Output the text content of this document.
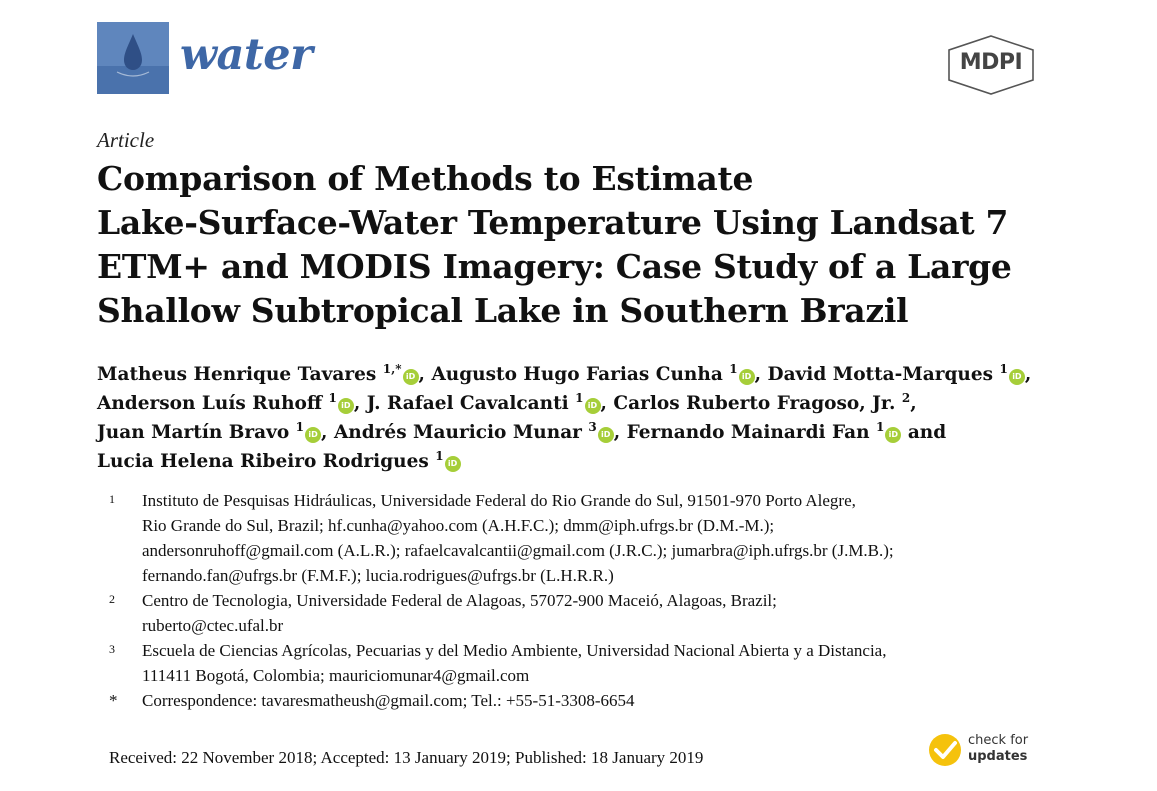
water	MDPI
Article
Comparison of Methods to Estimate
Lake-Surface-Water Temperature Using Landsat 7
ETM+ and MODIS Imagery: Case Study of a Large
Shallow Subtropical Lake in Southern Brazil
Matheus Henrique Tavares $^{1,*}$iD , Augusto Hugo Farias Cunha $^1$iD , David Motta-Marques $^1$iD ,
Anderson Luís Ruhoff $^1$iD , J. Rafael Cavalcanti $^1$iD , Carlos Ruberto Fragoso, Jr. $^2$,
Juan Martín Bravo $^1$iD , Andrés Mauricio Munar $^3$iD , Fernando Mainardi Fan $^1$iD and
Lucia Helena Ribeiro Rodrigues $^1$iD
1	Instituto de Pesquisas Hidráulicas, Universidade Federal do Rio Grande do Sul, 91501-970 Porto Alegre,
Rio Grande do Sul, Brazil; hf.cunha@yahoo.com (A.H.F.C.); dmm@iph.ufrgs.br (D.M.-M.);
andersonruhoff@gmail.com (A.L.R.); rafaelcavalcantii@gmail.com (J.R.C.); jumarbra@iph.ufrgs.br (J.M.B.);
fernando.fan@ufrgs.br (F.M.F.); lucia.rodrigues@ufrgs.br (L.H.R.R.)
2	Centro de Tecnologia, Universidade Federal de Alagoas, 57072-900 Maceió, Alagoas, Brazil;
ruberto@ctec.ufal.br
3	Escuela de Ciencias Agrícolas, Pecuarias y del Medio Ambiente, Universidad Nacional Abierta y a Distancia,
111411 Bogotá, Colombia; mauriciomunar4@gmail.com
*	Correspondence: tavaresmatheush@gmail.com; Tel.: +55-51-3308-6654
Received: 22 November 2018; Accepted: 13 January 2019; Published: 18 January 2019
check for
updates
